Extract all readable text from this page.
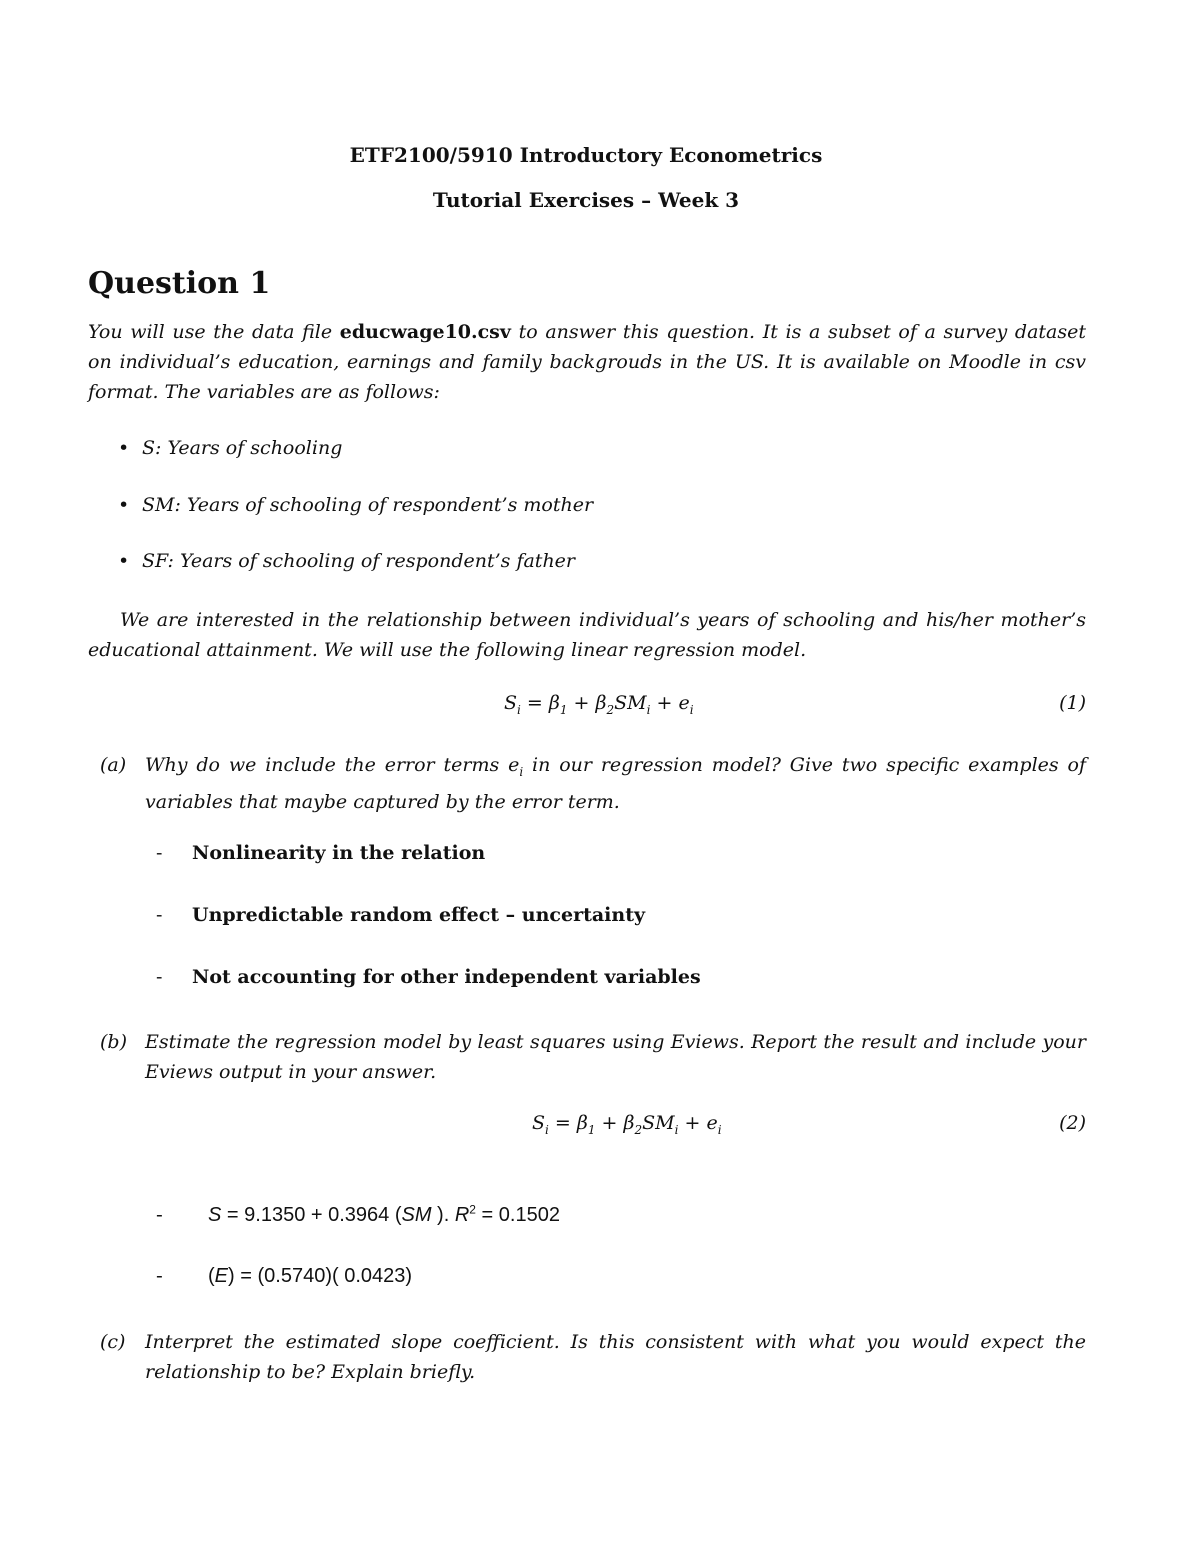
ETF2100/5910 Introductory Econometrics
Tutorial Exercises – Week 3
Question 1

You will use the data file educwage10.csv to answer this question. It is a subset of a survey dataset on individual’s education, earnings and family backgrouds in the US. It is available on Moodle in csv format. The variables are as follows:

• S: Years of schooling
• SM: Years of schooling of respondent’s mother
• SF: Years of schooling of respondent’s father

We are interested in the relationship between individual’s years of schooling and his/her mother’s educational attainment. We will use the following linear regression model.

$S_i = \beta_1 + \beta_2SM_i + e_i$	(1)
(a) Why do we include the error terms $e_i$ in our regression model? Give two specific examples of variables that maybe captured by the error term.
- Nonlinearity in the relation
- Unpredictable random effect – uncertainty
- Not accounting for other independent variables
(b) Estimate the regression model by least squares using Eviews. Report the result and include your Eviews output in your answer.
$S_i = \beta_1 + \beta_2SM_i + e_i$	(2)
- S = 9.1350 + 0.3964 (SM ). $R^2 = 0.1502$
- (E) = (0.5740)( 0.0423)
(c) Interpret the estimated slope coefficient. Is this consistent with what you would expect the relationship to be? Explain briefly.
